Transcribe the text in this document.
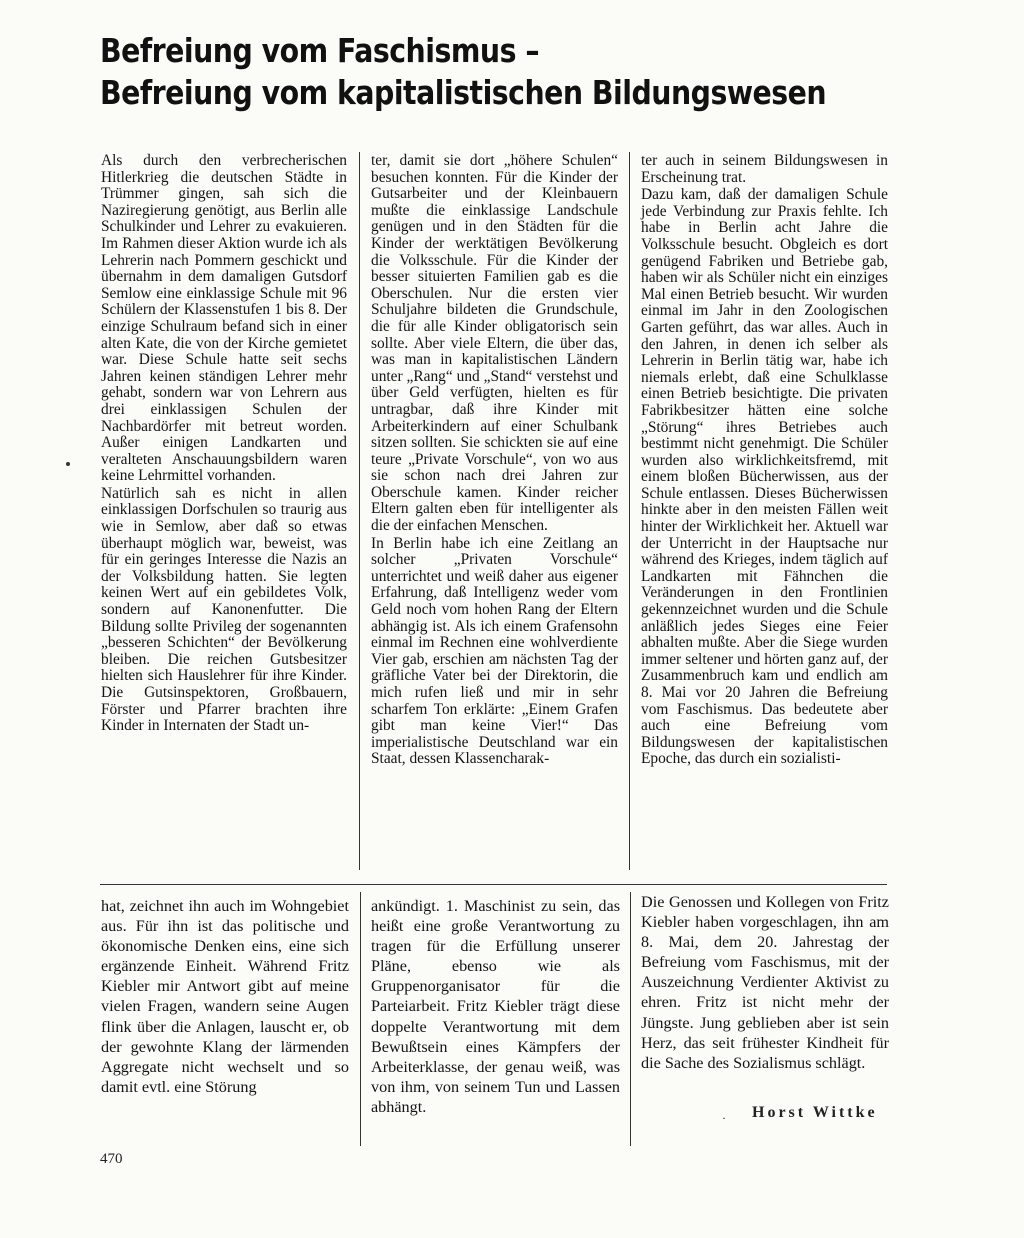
Befreiung vom Faschismus –
Befreiung vom kapitalistischen Bildungswesen

Als durch den verbrecherischen Hitlerkrieg die deutschen Städte in Trümmer gingen, sah sich die Naziregierung genötigt, aus Berlin alle Schulkinder und Lehrer zu evakuieren. Im Rahmen dieser Aktion wurde ich als Lehrerin nach Pommern geschickt und übernahm in dem damaligen Gutsdorf Semlow eine einklassige Schule mit 96 Schülern der Klassenstufen 1 bis 8. Der einzige Schulraum befand sich in einer alten Kate, die von der Kirche gemietet war. Diese Schule hatte seit sechs Jahren keinen ständigen Lehrer mehr gehabt, sondern war von Lehrern aus drei einklassigen Schulen der Nachbardörfer mit betreut worden. Außer einigen Landkarten und veralteten Anschauungsbildern waren keine Lehrmittel vorhanden.

Natürlich sah es nicht in allen einklassigen Dorfschulen so traurig aus wie in Semlow, aber daß so etwas überhaupt möglich war, beweist, was für ein geringes Interesse die Nazis an der Volksbildung hatten. Sie legten keinen Wert auf ein gebildetes Volk, sondern auf Kanonenfutter. Die Bildung sollte Privileg der sogenannten „besseren Schichten“ der Bevölkerung bleiben. Die reichen Gutsbesitzer hielten sich Hauslehrer für ihre Kinder. Die Gutsinspektoren, Großbauern, Förster und Pfarrer brachten ihre Kinder in Internaten der Stadt un-

ter, damit sie dort „höhere Schulen“ besuchen konnten. Für die Kinder der Gutsarbeiter und der Kleinbauern mußte die einklassige Landschule genügen und in den Städten für die Kinder der werktätigen Bevölkerung die Volksschule. Für die Kinder der besser situierten Familien gab es die Oberschulen. Nur die ersten vier Schuljahre bildeten die Grundschule, die für alle Kinder obligatorisch sein sollte. Aber viele Eltern, die über das, was man in kapitalistischen Ländern unter „Rang“ und „Stand“ verstehst und über Geld verfügten, hielten es für untragbar, daß ihre Kinder mit Arbeiterkindern auf einer Schulbank sitzen sollten. Sie schickten sie auf eine teure „Private Vorschule“, von wo aus sie schon nach drei Jahren zur Oberschule kamen. Kinder reicher Eltern galten eben für intelligenter als die der einfachen Menschen.

In Berlin habe ich eine Zeitlang an solcher „Privaten Vorschule“ unterrichtet und weiß daher aus eigener Erfahrung, daß Intelligenz weder vom Geld noch vom hohen Rang der Eltern abhängig ist. Als ich einem Grafensohn einmal im Rechnen eine wohlverdiente Vier gab, erschien am nächsten Tag der gräfliche Vater bei der Direktorin, die mich rufen ließ und mir in sehr scharfem Ton erklärte: „Einem Grafen gibt man keine Vier!“ Das imperialistische Deutschland war ein Staat, dessen Klassencharak-

ter auch in seinem Bildungswesen in Erscheinung trat.

Dazu kam, daß der damaligen Schule jede Verbindung zur Praxis fehlte. Ich habe in Berlin acht Jahre die Volksschule besucht. Obgleich es dort genügend Fabriken und Betriebe gab, haben wir als Schüler nicht ein einziges Mal einen Betrieb besucht. Wir wurden einmal im Jahr in den Zoologischen Garten geführt, das war alles. Auch in den Jahren, in denen ich selber als Lehrerin in Berlin tätig war, habe ich niemals erlebt, daß eine Schulklasse einen Betrieb besichtigte. Die privaten Fabrikbesitzer hätten eine solche „Störung“ ihres Betriebes auch bestimmt nicht genehmigt. Die Schüler wurden also wirklichkeitsfremd, mit einem bloßen Bücherwissen, aus der Schule entlassen. Dieses Bücherwissen hinkte aber in den meisten Fällen weit hinter der Wirklichkeit her. Aktuell war der Unterricht in der Hauptsache nur während des Krieges, indem täglich auf Landkarten mit Fähnchen die Veränderungen in den Frontlinien gekennzeichnet wurden und die Schule anläßlich jedes Sieges eine Feier abhalten mußte. Aber die Siege wurden immer seltener und hörten ganz auf, der Zusammenbruch kam und endlich am 8. Mai vor 20 Jahren die Befreiung vom Faschismus. Das bedeutete aber auch eine Befreiung vom Bildungswesen der kapitalistischen Epoche, das durch ein sozialisti-

hat, zeichnet ihn auch im Wohngebiet aus. Für ihn ist das politische und ökonomische Denken eins, eine sich ergänzende Einheit. Während Fritz Kiebler mir Antwort gibt auf meine vielen Fragen, wandern seine Augen flink über die Anlagen, lauscht er, ob der gewohnte Klang der lärmenden Aggregate nicht wechselt und so damit evtl. eine Störung

ankündigt. 1. Maschinist zu sein, das heißt eine große Verantwortung zu tragen für die Erfüllung unserer Pläne, ebenso wie als Gruppenorganisator für die Parteiarbeit. Fritz Kiebler trägt diese doppelte Verantwortung mit dem Bewußtsein eines Kämpfers der Arbeiterklasse, der genau weiß, was von ihm, von seinem Tun und Lassen abhängt.

Die Genossen und Kollegen von Fritz Kiebler haben vorgeschlagen, ihn am 8. Mai, dem 20. Jahrestag der Befreiung vom Faschismus, mit der Auszeichnung Verdienter Aktivist zu ehren. Fritz ist nicht mehr der Jüngste. Jung geblieben aber ist sein Herz, das seit frühester Kindheit für die Sache des Sozialismus schlägt.

· Horst Wittke
470
